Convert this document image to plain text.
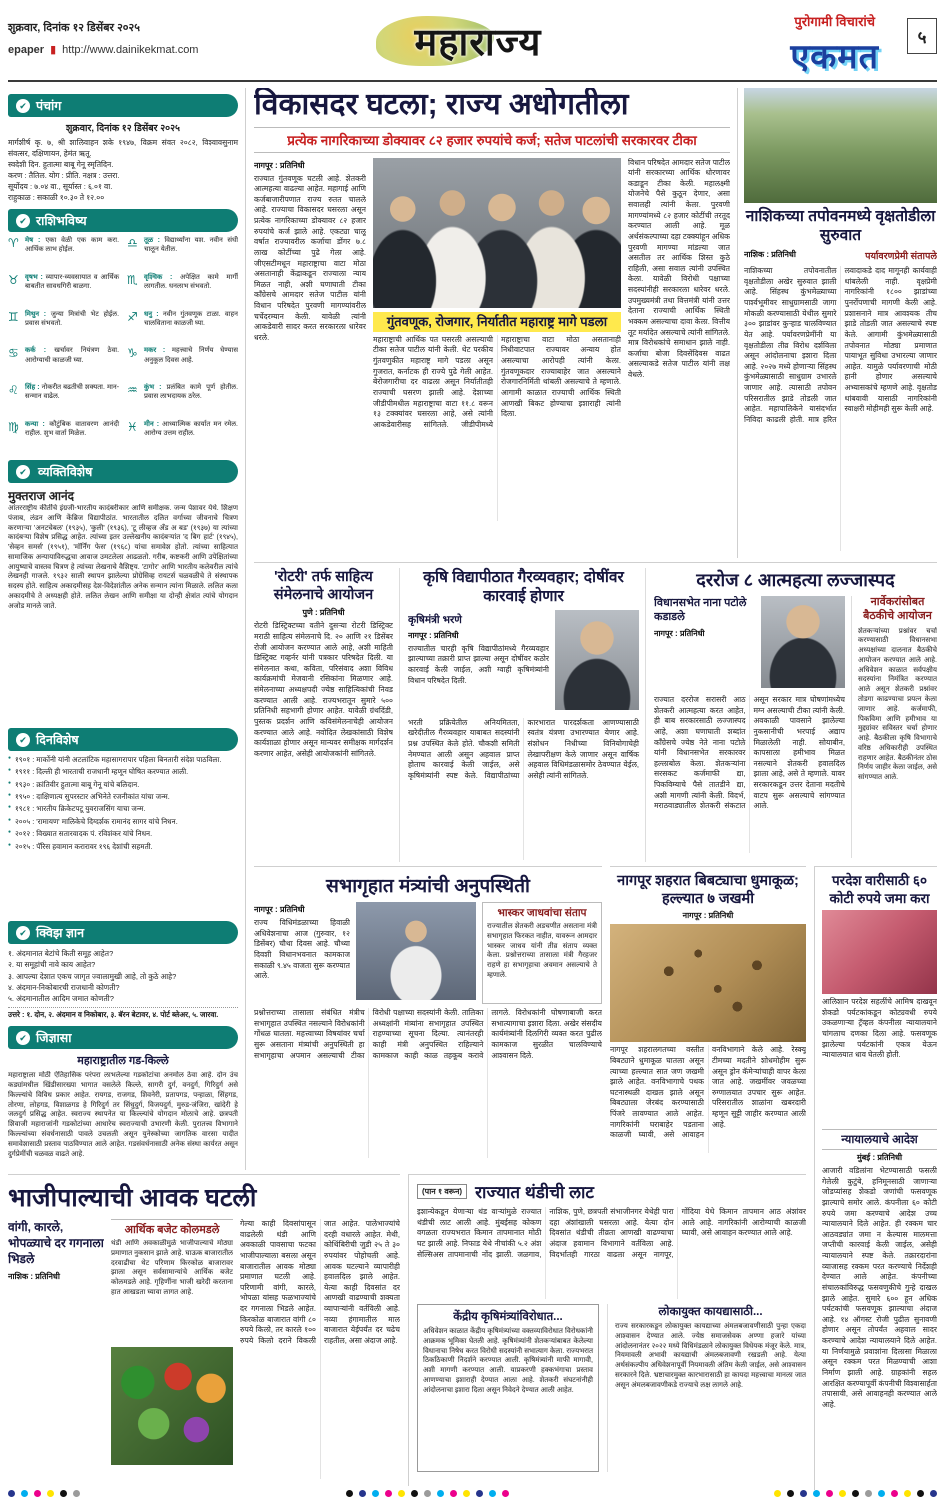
शुक्रवार, दिनांक १२ डिसेंबर २०२५
epaper ▮ http://www.dainikekmat.com	महाराज्य
पुरोगामी विचारांचे
एकमत
५
✔ पंचांग
शुक्रवार, दिनांक १२ डिसेंबर २०२५
मार्गशीर्ष कृ. ७, श्री शालिवाहन शके १९४७, विक्रम संवत २०८२, विश्वावसुनाम संवत्सर, दक्षिणायन, हेमंत ऋतू.
स्वदेशी दिन. हुतात्मा बाबू गेनू स्मृतिदिन.
करण : तैतिल. योग : प्रीति. नक्षत्र : उत्तरा.
सूर्योदय : ७.०४ वा., सूर्यास्त : ६.०१ वा.
राहुकाळ : सकाळी १०.३० ते १२.००
✔ राशिभविष्य
♈ मेष : एका वेळी एक काम करा. आर्थिक लाभ होईल.
♉ वृषभ : व्यापार-व्यवसायात व आर्थिक बाबतीत सावधगिरी बाळगा.
♊ मिथुन : जुन्या मित्रांची भेट होईल. प्रवास संभवतो.
♋ कर्क : खर्चावर नियंत्रण ठेवा. आरोग्याची काळजी घ्या.
♌ सिंह : नोकरीत बढतीची शक्यता. मान-सन्मान वाढेल.
♍ कन्या : कौटुंबिक वातावरण आनंदी राहील. शुभ वार्ता मिळेल.
♎ तूळ : विद्यार्थ्यांना यश. नवीन संधी चालून येतील.
♏ वृश्चिक : अपेक्षित कामे मार्गी लागतील. धनलाभ संभवतो.
♐ धनु : नवीन गुंतवणूक टाळा. वाहन चालविताना काळजी घ्या.
♑ मकर : महत्त्वाचे निर्णय घेण्यास अनुकूल दिवस आहे.
♒ कुंभ : प्रलंबित कामे पूर्ण होतील. प्रवास लाभदायक ठरेल.
♓ मीन : आध्यात्मिक कार्यात मन रमेल. आरोग्य उत्तम राहील.
✔ व्यक्तिविशेष
मुक्तराज आनंद
आंतरराष्ट्रीय कीर्तीचे इंग्रजी-भारतीय कादंबरीकार आणि समीक्षक. जन्म पेशावर येथे. शिक्षण पंजाब, लंडन आणि केंब्रिज विद्यापीठांत. भारतातील दलित वर्गाच्या जीवनाचे चित्रण करणाऱ्या 'अनटचेबल' (१९३५), 'कुली' (१९३६), 'टू लीव्हज अँड अ बड' (१९३७) या त्यांच्या कादंबऱ्या विशेष प्रसिद्ध आहेत. त्यांच्या इतर उल्लेखनीय कादंबऱ्यांत 'द बिग हार्ट' (१९४५), 'सेव्हन समर्स' (१९५१), 'मॉर्निंग फेस' (१९६८) यांचा समावेश होतो. त्यांच्या साहित्यात सामाजिक अन्यायाविरुद्धचा आवाज उमटलेला आढळतो. गरीब, कष्टकरी आणि उपेक्षितांच्या आयुष्याचे वास्तव चित्रण हे त्यांच्या लेखनाचे वैशिष्ट्य. 'टागोर' आणि भारतीय कलेवरील त्यांचे लेखनही गाजले. १९३२ साली स्थापन झालेल्या प्रोग्रेसिव्ह रायटर्स चळवळीचे ते संस्थापक सदस्य होते. साहित्य अकादमीसह देश-विदेशांतील अनेक सन्मान त्यांना मिळाले. ललित कला अकादमीचे ते अध्यक्षही होते. ललित लेखन आणि समीक्षा या दोन्ही क्षेत्रांत त्यांचे योगदान अजोड मानले जाते.
✔ दिनविशेष
● १९०१ : मार्कोनी यांनी अटलांटिक महासागरापार पहिला बिनतारी संदेश पाठविला.
● १९११ : दिल्ली ही भारताची राजधानी म्हणून घोषित करण्यात आली.
● १९३० : क्रांतिवीर हुतात्मा बाबू गेनू यांचे बलिदान.
● १९५० : दाक्षिणात्य सुपरस्टार अभिनेते रजनीकांत यांचा जन्म.
● १९८१ : भारतीय क्रिकेटपटू युवराजसिंग याचा जन्म.
● २००५ : 'रामायण' मालिकेचे दिग्दर्शक रामानंद सागर यांचे निधन.
● २०१२ : विख्यात सतारवादक पं. रविशंकर यांचे निधन.
● २०१५ : पॅरिस हवामान करारावर १९६ देशांची सहमती.
✔ क्विझ ज्ञान
१. अंदमानात बेटांचे किती समूह आहेत?
२. या समूहांची नावे काय आहेत?
३. आपल्या देशात एकच जागृत ज्वालामुखी आहे, तो कुठे आहे?
४. अंदमान-निकोबारची राजधानी कोणती?
५. अंदमानातील आदिम जमात कोणती?
उत्तरे : १. दोन, २. अंदमान व निकोबार, ३. बॅरन बेटावर, ४. पोर्ट ब्लेअर, ५. जारवा.
✔ जिज्ञासा
महाराष्ट्रातील गड-किल्ले
महाराष्ट्राला मोठी ऐतिहासिक परंपरा लाभलेल्या गडकोटांचा अनमोल ठेवा आहे. दोन उंच कड्यांमधील खिंडीसारख्या भागात वसलेले किल्ले, सागरी दुर्ग, वनदुर्ग, गिरिदुर्ग असे किल्ल्यांचे विविध प्रकार आहेत. रायगड, राजगड, शिवनेरी, प्रतापगड, पन्हाळा, सिंहगड, तोरणा, लोहगड, विशाळगड हे गिरिदुर्ग तर सिंधुदुर्ग, विजयदुर्ग, मुरुड-जंजिरा, खांदेरी हे जलदुर्ग प्रसिद्ध आहेत. स्वराज्य स्थापनेत या किल्ल्यांचे योगदान मोलाचे आहे. छत्रपती शिवाजी महाराजांनी गडकोटांच्या आधारेच स्वराज्याची उभारणी केली. पुरातत्त्व विभागाने किल्ल्यांच्या संवर्धनासाठी पावले उचलली असून युनेस्कोच्या जागतिक वारसा यादीत समावेशासाठी प्रस्ताव पाठविण्यात आले आहेत. गडसंवर्धनासाठी अनेक संस्था कार्यरत असून दुर्गप्रेमींची चळवळ वाढते आहे.
विकासदर घटला; राज्य अधोगतीला
प्रत्येक नागरिकाच्या डोक्यावर ८२ हजार रुपयांचे कर्ज; सतेज पाटलांची सरकारवर टीका
नागपूर : प्रतिनिधी
राज्यात गुंतवणूक घटली आहे. शेतकरी आत्महत्या वाढल्या आहेत. महागाई आणि कर्जबाजारीपणात राज्य रुतत चालले आहे. राज्याचा विकासदर घसरला असून प्रत्येक नागरिकाच्या डोक्यावर ८२ हजार रुपयांचे कर्ज झाले आहे. एकट्या चालू वर्षात राज्यावरील कर्जाचा डोंगर ७.८ लाख कोटींच्या पुढे गेला आहे. जीएसटीमधून महाराष्ट्राचा वाटा मोठा असतानाही केंद्राकडून राज्याला न्याय मिळत नाही, अशी घणाघाती टीका काँग्रेसचे आमदार सतेज पाटील यांनी विधान परिषदेत पुरवणी मागण्यांवरील चर्चेदरम्यान केली. यावेळी त्यांनी आकडेवारी सादर करत सरकारला धारेवर धरले.
गुंतवणूक, रोजगार, निर्यातीत महाराष्ट्र मागे पडला
महाराष्ट्राची आर्थिक पत घसरली असल्याची टीका सतेज पाटील यांनी केली. थेट परकीय गुंतवणुकीत महाराष्ट्र मागे पडला असून गुजरात, कर्नाटक ही राज्ये पुढे गेली आहेत. बेरोजगारीचा दर वाढला असून निर्यातीतही राज्याची घसरण झाली आहे. देशाच्या जीडीपीमधील महाराष्ट्राचा वाटा ११.८ वरून १३ टक्क्यांवर घसरला आहे, असे त्यांनी आकडेवारीसह सांगितले. जीडीपीमध्ये महाराष्ट्राचा वाटा मोठा असतानाही निधीवाटपात राज्यावर अन्याय होत असल्याचा आरोपही त्यांनी केला. गुंतवणूकदार राज्याबाहेर जात असल्याने रोजगारनिर्मिती थांबली असल्याचे ते म्हणाले. आगामी काळात राज्याची आर्थिक स्थिती आणखी बिकट होण्याचा इशाराही त्यांनी दिला.
विधान परिषदेत आमदार सतेज पाटील यांनी सरकारच्या आर्थिक धोरणावर कडाडून टीका केली. महालक्ष्मी योजनेचे पैसे कुठून देणार, असा सवालही त्यांनी केला. पुरवणी मागण्यांमध्ये ८२ हजार कोटींची तरतूद करण्यात आली आहे. मूळ अर्थसंकल्पाच्या दहा टक्क्यांहून अधिक पुरवणी मागण्या मांडल्या जात असतील तर आर्थिक शिस्त कुठे राहिली, असा सवाल त्यांनी उपस्थित केला. यावेळी विरोधी पक्षाच्या सदस्यांनीही सरकारला धारेवर धरले. उपमुख्यमंत्री तथा वित्तमंत्री यांनी उत्तर देताना राज्याची आर्थिक स्थिती भक्कम असल्याचा दावा केला. वित्तीय तूट मर्यादेत असल्याचे त्यांनी सांगितले. मात्र विरोधकांचे समाधान झाले नाही. कर्जाचा बोजा दिवसेंदिवस वाढत असल्याकडे सतेज पाटील यांनी लक्ष वेधले.
नाशिकच्या तपोवनमध्ये वृक्षतोडीला सुरुवात
नाशिक : प्रतिनिधी	पर्यावरणप्रेमी संतापले
नाशिकच्या तपोवनातील वृक्षतोडीला अखेर सुरुवात झाली आहे. सिंहस्थ कुंभमेळ्याच्या पार्श्वभूमीवर साधुग्रामसाठी जागा मोकळी करण्यासाठी येथील सुमारे ३०० झाडांवर कुऱ्हाड चालविण्यात येत आहे. पर्यावरणप्रेमींनी या वृक्षतोडीला तीव्र विरोध दर्शविला असून आंदोलनाचा इशारा दिला आहे. २०२७ मध्ये होणाऱ्या सिंहस्थ कुंभमेळ्यासाठी साधुग्राम उभारले जाणार आहे. त्यासाठी तपोवन परिसरातील झाडे तोडली जात आहेत. महापालिकेने यासंदर्भात निविदा काढली होती. मात्र हरित लवादाकडे दाद मागूनही कार्यवाही थांबलेली नाही. वृक्षप्रेमी नागरिकांनी १८०० झाडांच्या पुनर्रोपणाची मागणी केली आहे. प्रशासनाने मात्र आवश्यक तीच झाडे तोडली जात असल्याचे स्पष्ट केले. आगामी कुंभमेळ्यासाठी तपोवनात मोठ्या प्रमाणात पायाभूत सुविधा उभारल्या जाणार आहेत. यामुळे पर्यावरणाची मोठी हानी होणार असल्याचे अभ्यासकांचे म्हणणे आहे. वृक्षतोड थांबवावी यासाठी नागरिकांनी स्वाक्षरी मोहीमही सुरू केली आहे.
'रोटरी' तर्फ साहित्य संमेलनाचे आयोजन
पुणे : प्रतिनिधी
रोटरी डिस्ट्रिक्टच्या वतीने दुसऱ्या रोटरी डिस्ट्रिक्ट मराठी साहित्य संमेलनाचे दि. २० आणि २१ डिसेंबर रोजी आयोजन करण्यात आले आहे, अशी माहिती डिस्ट्रिक्ट गव्हर्नर यांनी पत्रकार परिषदेत दिली. या संमेलनात कथा, कविता, परिसंवाद अशा विविध कार्यक्रमांची मेजवानी रसिकांना मिळणार आहे. संमेलनाच्या अध्यक्षपदी ज्येष्ठ साहित्यिकांची निवड करण्यात आली आहे. राज्यभरातून सुमारे ५०० प्रतिनिधी सहभागी होणार आहेत. यावेळी ग्रंथदिंडी, पुस्तक प्रदर्शन आणि कविसंमेलनाचेही आयोजन करण्यात आले आहे. नवोदित लेखकांसाठी विशेष कार्यशाळा होणार असून मान्यवर समीक्षक मार्गदर्शन करणार आहेत, असेही आयोजकांनी सांगितले.
कृषि विद्यापीठात गैरव्यवहार; दोषींवर कारवाई होणार
कृषिमंत्री भरणे
नागपूर : प्रतिनिधी
राज्यातील चारही कृषि विद्यापीठांमध्ये गैरव्यवहार झाल्याच्या तक्रारी प्राप्त झाल्या असून दोषींवर कठोर कारवाई केली जाईल, अशी ग्वाही कृषिमंत्र्यांनी विधान परिषदेत दिली.
भरती प्रक्रियेतील अनियमितता, खरेदीतील गैरव्यवहार याबाबत सदस्यांनी प्रश्न उपस्थित केले होते. चौकशी समिती नेमण्यात आली असून अहवाल प्राप्त होताच कारवाई केली जाईल, असे कृषिमंत्र्यांनी स्पष्ट केले. विद्यापीठांच्या कारभारात पारदर्शकता आणण्यासाठी स्वतंत्र यंत्रणा उभारण्यात येणार आहे. संशोधन निधीच्या विनियोगाचेही लेखापरीक्षण केले जाणार असून वार्षिक अहवाल विधिमंडळासमोर ठेवण्यात येईल, असेही त्यांनी सांगितले.
दररोज ८ आत्महत्या लज्जास्पद
विधानसभेत नाना पटोले कडाडले
नागपूर : प्रतिनिधी
राज्यात दररोज सरासरी आठ शेतकरी आत्महत्या करत आहेत, ही बाब सरकारसाठी लज्जास्पद आहे, अशा घणाघाती शब्दांत काँग्रेसचे ज्येष्ठ नेते नाना पटोले यांनी विधानसभेत सरकारवर हल्लाबोल केला. शेतकऱ्यांना सरसकट कर्जमाफी द्या, पिकविम्याचे पैसे तातडीने द्या, अशी मागणी त्यांनी केली. विदर्भ, मराठवाड्यातील शेतकरी संकटात असून सरकार मात्र घोषणांमध्येच मग्न असल्याची टीका त्यांनी केली. अवकाळी पावसाने झालेल्या नुकसानीची भरपाई अद्याप मिळालेली नाही. सोयाबीन, कापसाला हमीभाव मिळत नसल्याने शेतकरी हवालदिल झाला आहे, असे ते म्हणाले. यावर सरकारकडून उत्तर देताना मदतीचे वाटप सुरू असल्याचे सांगण्यात आले.
नार्वेकरांसोबत बैठकीचे आयोजन
शेतकऱ्यांच्या प्रश्नांवर चर्चा करण्यासाठी विधानसभा अध्यक्षांच्या दालनात बैठकीचे आयोजन करण्यात आले आहे. अधिवेशन काळात सर्वपक्षीय सदस्यांना निमंत्रित करण्यात आले असून शेतकरी प्रश्नांवर तोडगा काढण्याचा प्रयत्न केला जाणार आहे. कर्जमाफी, पिकविमा आणि हमीभाव या मुद्द्यांवर सविस्तर चर्चा होणार आहे. बैठकीला कृषि विभागाचे वरिष्ठ अधिकारीही उपस्थित राहणार आहेत. बैठकीनंतर ठोस निर्णय जाहीर केला जाईल, असे सांगण्यात आले.
सभागृहात मंत्र्यांची अनुपस्थिती
नागपूर : प्रतिनिधी
राज्य विधिमंडळाच्या हिवाळी अधिवेशनाचा आज (गुरुवार, १२ डिसेंबर) चौथा दिवस आहे. चौथ्या दिवशी विधानभवनात कामकाज सकाळी ९.४५ वाजता सुरू करण्यात आले.
भास्कर जाधवांचा संताप
राज्यातील शेतकरी अडचणीत असताना मंत्री सभागृहात फिरकत नाहीत, यावरून आमदार भास्कर जाधव यांनी तीव्र संताप व्यक्त केला. प्रश्नोत्तराच्या तासाला मंत्री गैरहजर राहणे हा सभागृहाचा अवमान असल्याचे ते म्हणाले.
प्रश्नोत्तराच्या तासाला संबंधित मंत्रीच सभागृहात उपस्थित नसल्याने विरोधकांनी गोंधळ घातला. महत्त्वाच्या विषयांवर चर्चा सुरू असताना मंत्र्यांची अनुपस्थिती हा सभागृहाचा अपमान असल्याची टीका विरोधी पक्षाच्या सदस्यांनी केली. तालिका अध्यक्षांनी मंत्र्यांना सभागृहात उपस्थित राहण्याच्या सूचना दिल्या. त्यानंतरही काही मंत्री अनुपस्थित राहिल्याने कामकाज काही काळ तहकूब करावे लागले. विरोधकांनी घोषणाबाजी करत सभात्यागाचा इशारा दिला. अखेर संसदीय कार्यमंत्र्यांनी दिलगिरी व्यक्त करत पुढील कामकाज सुरळीत चालविण्याचे आश्वासन दिले.
नागपूर शहरात बिबट्याचा धुमाकूळ; हल्ल्यात ७ जखमी
नागपूर : प्रतिनिधी
नागपूर शहरालगतच्या वस्तीत बिबट्याने धुमाकूळ घातला असून त्याच्या हल्ल्यात सात जण जखमी झाले आहेत. वनविभागाचे पथक घटनास्थळी दाखल झाले असून बिबट्याला जेरबंद करण्यासाठी पिंजरे लावण्यात आले आहेत. नागरिकांनी घराबाहेर पडताना काळजी घ्यावी, असे आवाहन वनविभागाने केले आहे. रेस्क्यू टीमच्या मदतीने शोधमोहीम सुरू असून ड्रोन कॅमेऱ्यांचाही वापर केला जात आहे. जखमींवर जवळच्या रुग्णालयात उपचार सुरू आहेत. परिसरातील शाळांना खबरदारी म्हणून सुट्टी जाहीर करण्यात आली आहे.
परदेश वारीसाठी ६० कोटी रुपये जमा करा
आलिशान परदेश सहलींचे आमिष दाखवून शेकडो पर्यटकांकडून कोट्यवधी रुपये उकळणाऱ्या ट्रॅव्हल कंपनीला न्यायालयाने चांगलाच दणका दिला आहे. फसवणूक झालेल्या पर्यटकांनी एकत्र येऊन न्यायालयात धाव घेतली होती.
न्यायालयाचे आदेश
मुंबई : प्रतिनिधी
आजारी वडिलांना भेटण्यासाठी फसली गेलेली कुटुंबे, हनिमूनसाठी जाणाऱ्या जोडप्यांसह शेकडो जणांची फसवणूक झाल्याचे समोर आले. कंपनीला ६० कोटी रुपये जमा करण्याचे आदेश उच्च न्यायालयाने दिले आहेत. ही रक्कम चार आठवड्यांत जमा न केल्यास मालमत्ता जप्तीची कारवाई केली जाईल, असेही न्यायालयाने स्पष्ट केले. तक्रारदारांना व्याजासह रक्कम परत करण्याचे निर्देशही देण्यात आले आहेत. कंपनीच्या संचालकांविरुद्ध फसवणुकीचे गुन्हे दाखल झाले आहेत. सुमारे ६०० हून अधिक पर्यटकांची फसवणूक झाल्याचा अंदाज आहे. १४ ऑगस्ट रोजी पुढील सुनावणी होणार असून तोपर्यंत अहवाल सादर करण्याचे आदेश न्यायालयाने दिले आहेत. या निर्णयामुळे प्रवाशांना दिलासा मिळाला असून रक्कम परत मिळण्याची आशा निर्माण झाली आहे. ग्राहकांनी सहल आरक्षित करण्यापूर्वी कंपनीची विश्वासार्हता तपासावी, असे आवाहनही करण्यात आले आहे.
भाजीपाल्याची आवक घटली
वांगी, कारले, भोपळ्याचे दर गगनाला भिडले
नाशिक : प्रतिनिधी
आर्थिक बजेट कोलमडले
थंडी आणि अवकाळीमुळे भाजीपाल्याचे मोठ्या प्रमाणात नुकसान झाले आहे. घाऊक बाजारातील दरवाढीचा थेट परिणाम किरकोळ बाजारावर झाला असून सर्वसामान्यांचे आर्थिक बजेट कोलमडले आहे. गृहिणींना भाजी खरेदी करताना हात आखडता घ्यावा लागत आहे.
गेल्या काही दिवसांपासून वाढलेली थंडी आणि अवकाळी पावसाचा फटका भाजीपाल्याला बसला असून बाजारातील आवक मोठ्या प्रमाणात घटली आहे. परिणामी वांगी, कारले, भोपळा यांसह फळभाज्यांचे दर गगनाला भिडले आहेत. किरकोळ बाजारात वांगी ८० रुपये किलो, तर कारले १०० रुपये किलो दराने विकली जात आहेत. पालेभाज्यांचे दरही वधारले आहेत. मेथी, कोथिंबिरीची जुडी २५ ते ३० रुपयांवर पोहोचली आहे. आवक घटल्याने व्यापारीही हवालदिल झाले आहेत. येत्या काही दिवसांत दर आणखी वाढण्याची शक्यता व्यापाऱ्यांनी वर्तविली आहे. नव्या हंगामातील माल बाजारात येईपर्यंत दर चढेच राहतील, असा अंदाज आहे.
(पान १ वरून) राज्यात थंडीची लाट
इशान्येकडून येणाऱ्या थंड वाऱ्यांमुळे राज्यात थंडीची लाट आली आहे. मुंबईसह कोकण वगळता राज्यभरात किमान तापमानात मोठी घट झाली आहे. निफाड येथे नीचांकी ५.२ अंश सेल्सिअस तापमानाची नोंद झाली. जळगाव, नाशिक, पुणे, छत्रपती संभाजीनगर येथेही पारा दहा अंशांखाली घसरला आहे. येत्या दोन दिवसांत थंडीची तीव्रता आणखी वाढण्याचा अंदाज हवामान विभागाने वर्तविला आहे. विदर्भातही गारठा वाढला असून नागपूर, गोंदिया येथे किमान तापमान आठ अंशांवर आले आहे. नागरिकांनी आरोग्याची काळजी घ्यावी, असे आवाहन करण्यात आले आहे.
केंद्रीय कृषिमंत्र्यांविरोधात...
अधिवेशन काळात केंद्रीय कृषिमंत्र्यांच्या वक्तव्याविरोधात विरोधकांनी आक्रमक भूमिका घेतली आहे. कृषिमंत्र्यांनी शेतकऱ्यांबाबत केलेल्या विधानाचा निषेध करत विरोधी सदस्यांनी सभात्याग केला. राज्यभरात ठिकठिकाणी निदर्शने करण्यात आली. कृषिमंत्र्यांनी माफी मागावी, अशी मागणी करण्यात आली. याप्रकरणी हक्कभंगाचा प्रस्ताव आणण्याचा इशाराही देण्यात आला आहे. शेतकरी संघटनांनीही आंदोलनाचा इशारा दिला असून निवेदने देण्यात आली आहेत.
लोकायुक्त कायद्यासाठी...
राज्य सरकारकडून लोकायुक्त कायद्याच्या अंमलबजावणीसाठी पुन्हा एकदा आश्वासन देण्यात आले. ज्येष्ठ समाजसेवक अण्णा हजारे यांच्या आंदोलनानंतर २०२२ मध्ये विधिमंडळाने लोकायुक्त विधेयक मंजूर केले. मात्र, नियमावली अभावी कायद्याची अंमलबजावणी रखडली आहे. येत्या अर्थसंकल्पीय अधिवेशनापूर्वी नियमावली अंतिम केली जाईल, असे आश्वासन सरकारने दिले. भ्रष्टाचारमुक्त कारभारासाठी हा कायदा महत्त्वाचा मानला जात असून अंमलबजावणीकडे राज्याचे लक्ष लागले आहे.
